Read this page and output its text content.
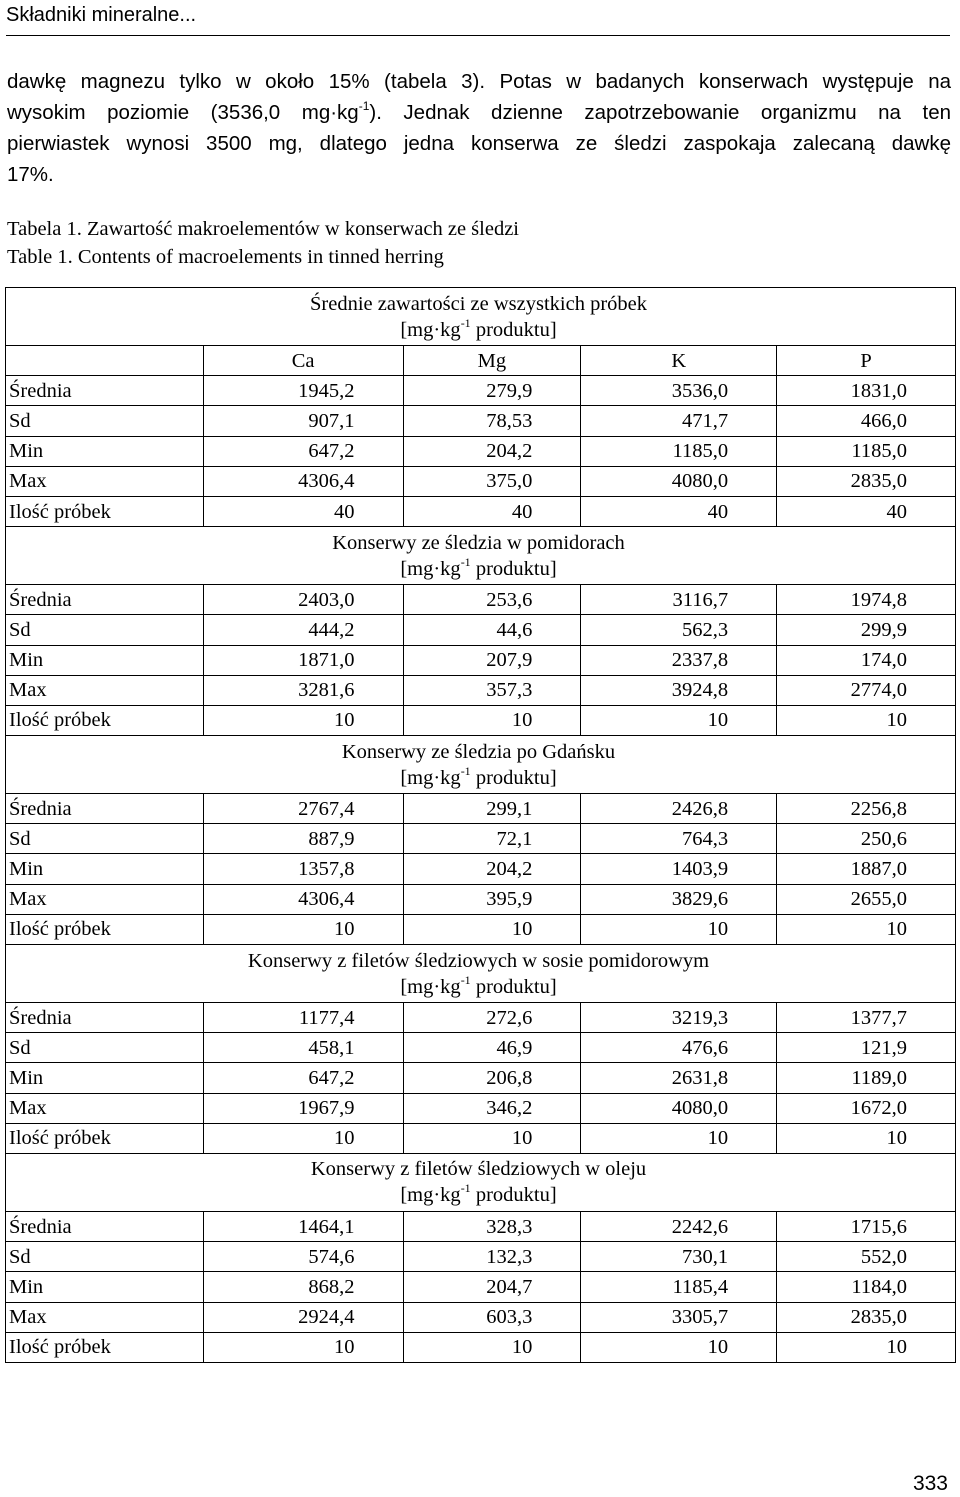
Składniki mineralne...
dawkę magnezu tylko w około 15% (tabela 3). Potas w badanych konserwach występuje na
wysokim poziomie (3536,0 $mg\cdot kg^{-1}$). Jednak dzienne zapotrzebowanie organizmu na ten
pierwiastek wynosi 3500 mg, dlatego jedna konserwa ze śledzi zaspokaja zalecaną dawkę
17%.
Tabela 1. Zawartość makroelementów w konserwach ze śledzi
Table 1. Contents of macroelements in tinned herring
Średnie zawartości ze wszystkich próbek
[$mg\cdot kg^{-1}$ produktu]				

	Ca	Mg	K	P
Średnia	1945,2	279,9	3536,0	1831,0
Sd	907,1	78,53	471,7	466,0
Min	647,2	204,2	1185,0	1185,0
Max	4306,4	375,0	4080,0	2835,0
Ilość próbek	40	40	40	40

Konserwy ze śledzia w pomidorach
[$mg\cdot kg^{-1}$ produktu]				

Średnia	2403,0	253,6	3116,7	1974,8
Sd	444,2	44,6	562,3	299,9
Min	1871,0	207,9	2337,8	174,0
Max	3281,6	357,3	3924,8	2774,0
Ilość próbek	10	10	10	10

Konserwy ze śledzia po Gdańsku
[$mg\cdot kg^{-1}$ produktu]				

Średnia	2767,4	299,1	2426,8	2256,8
Sd	887,9	72,1	764,3	250,6
Min	1357,8	204,2	1403,9	1887,0
Max	4306,4	395,9	3829,6	2655,0
Ilość próbek	10	10	10	10

Konserwy z filetów śledziowych w sosie pomidorowym
[$mg\cdot kg^{-1}$ produktu]				

Średnia	1177,4	272,6	3219,3	1377,7
Sd	458,1	46,9	476,6	121,9
Min	647,2	206,8	2631,8	1189,0
Max	1967,9	346,2	4080,0	1672,0
Ilość próbek	10	10	10	10

Konserwy z filetów śledziowych w oleju
[$mg\cdot kg^{-1}$ produktu]				

Średnia	1464,1	328,3	2242,6	1715,6
Sd	574,6	132,3	730,1	552,0
Min	868,2	204,7	1185,4	1184,0
Max	2924,4	603,3	3305,7	2835,0
Ilość próbek	10	10	10	10
333
